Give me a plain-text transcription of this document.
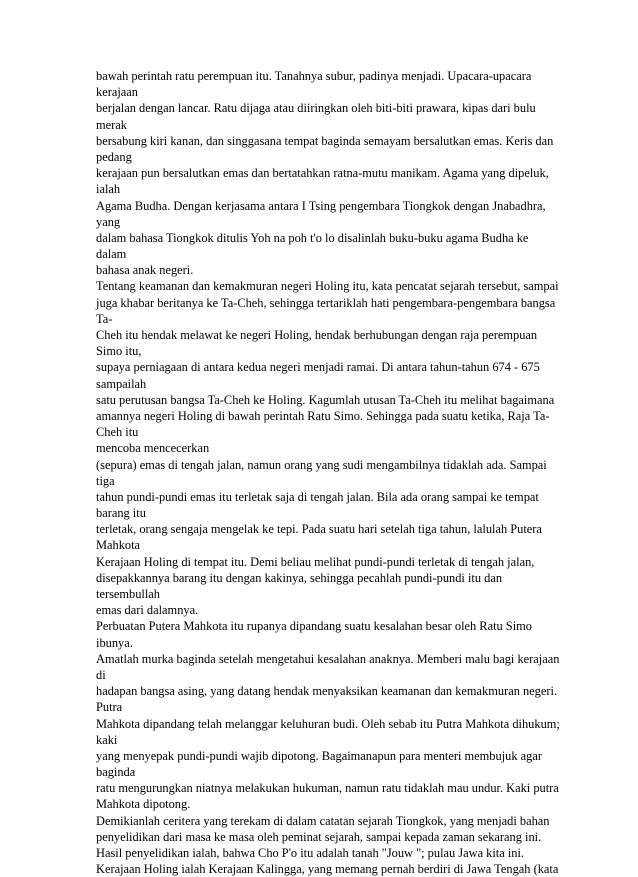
bawah perintah ratu perempuan itu. Tanahnya subur, padinya menjadi. Upacara-upacara
kerajaan
berjalan dengan lancar. Ratu dijaga atau diiringkan oleh biti-biti prawara, kipas dari bulu
merak
bersabung kiri kanan, dan singgasana tempat baginda semayam bersalutkan emas. Keris dan
pedang
kerajaan pun bersalutkan emas dan bertatahkan ratna-mutu manikam. Agama yang dipeluk,
ialah
Agama Budha. Dengan kerjasama antara I Tsing pengembara Tiongkok dengan Jnabadhra,
yang
dalam bahasa Tiongkok ditulis Yoh na poh t'o lo disalinlah buku-buku agama Budha ke
dalam
bahasa anak negeri.
Tentang keamanan dan kemakmuran negeri Holing itu, kata pencatat sejarah tersebut, sampai
juga khabar beritanya ke Ta-Cheh, sehingga tertariklah hati pengembara-pengembara bangsa
Ta-
Cheh itu hendak melawat ke negeri Holing, hendak berhubungan dengan raja perempuan
Simo itu,
supaya perniagaan di antara kedua negeri menjadi ramai. Di antara tahun-tahun 674 - 675
sampailah
satu perutusan bangsa Ta-Cheh ke Holing. Kagumlah utusan Ta-Cheh itu melihat bagaimana
amannya negeri Holing di bawah perintah Ratu Simo. Sehingga pada suatu ketika, Raja Ta-
Cheh itu
mencoba mencecerkan
(sepura) emas di tengah jalan, namun orang yang sudi mengambilnya tidaklah ada. Sampai
tiga
tahun pundi-pundi emas itu terletak saja di tengah jalan. Bila ada orang sampai ke tempat
barang itu
terletak, orang sengaja mengelak ke tepi. Pada suatu hari setelah tiga tahun, lalulah Putera
Mahkota
Kerajaan Holing di tempat itu. Demi beliau melihat pundi-pundi terletak di tengah jalan,
disepakkannya barang itu dengan kakinya, sehingga pecahlah pundi-pundi itu dan
tersembullah
emas dari dalamnya.
Perbuatan Putera Mahkota itu rupanya dipandang suatu kesalahan besar oleh Ratu Simo
ibunya.
Amatlah murka baginda setelah mengetahui kesalahan anaknya. Memberi malu bagi kerajaan
di
hadapan bangsa asing, yang datang hendak menyaksikan keamanan dan kemakmuran negeri.
Putra
Mahkota dipandang telah melanggar keluhuran budi. Oleh sebab itu Putra Mahkota dihukum;
kaki
yang menyepak pundi-pundi wajib dipotong. Bagaimanapun para menteri membujuk agar
baginda
ratu mengurungkan niatnya melakukan hukuman, namun ratu tidaklah mau undur. Kaki putra
Mahkota dipotong.
Demikianlah ceritera yang terekam di dalam catatan sejarah Tiongkok, yang menjadi bahan
penyelidikan dari masa ke masa oleh peminat sejarah, sampai kepada zaman sekarang ini.
Hasil penyelidikan ialah, bahwa Cho P'o itu adalah tanah "Jouw "; pulau Jawa kita ini.
Kerajaan Holing ialah Kerajaan Kalingga, yang memang pernah berdiri di Jawa Tengah (kata
